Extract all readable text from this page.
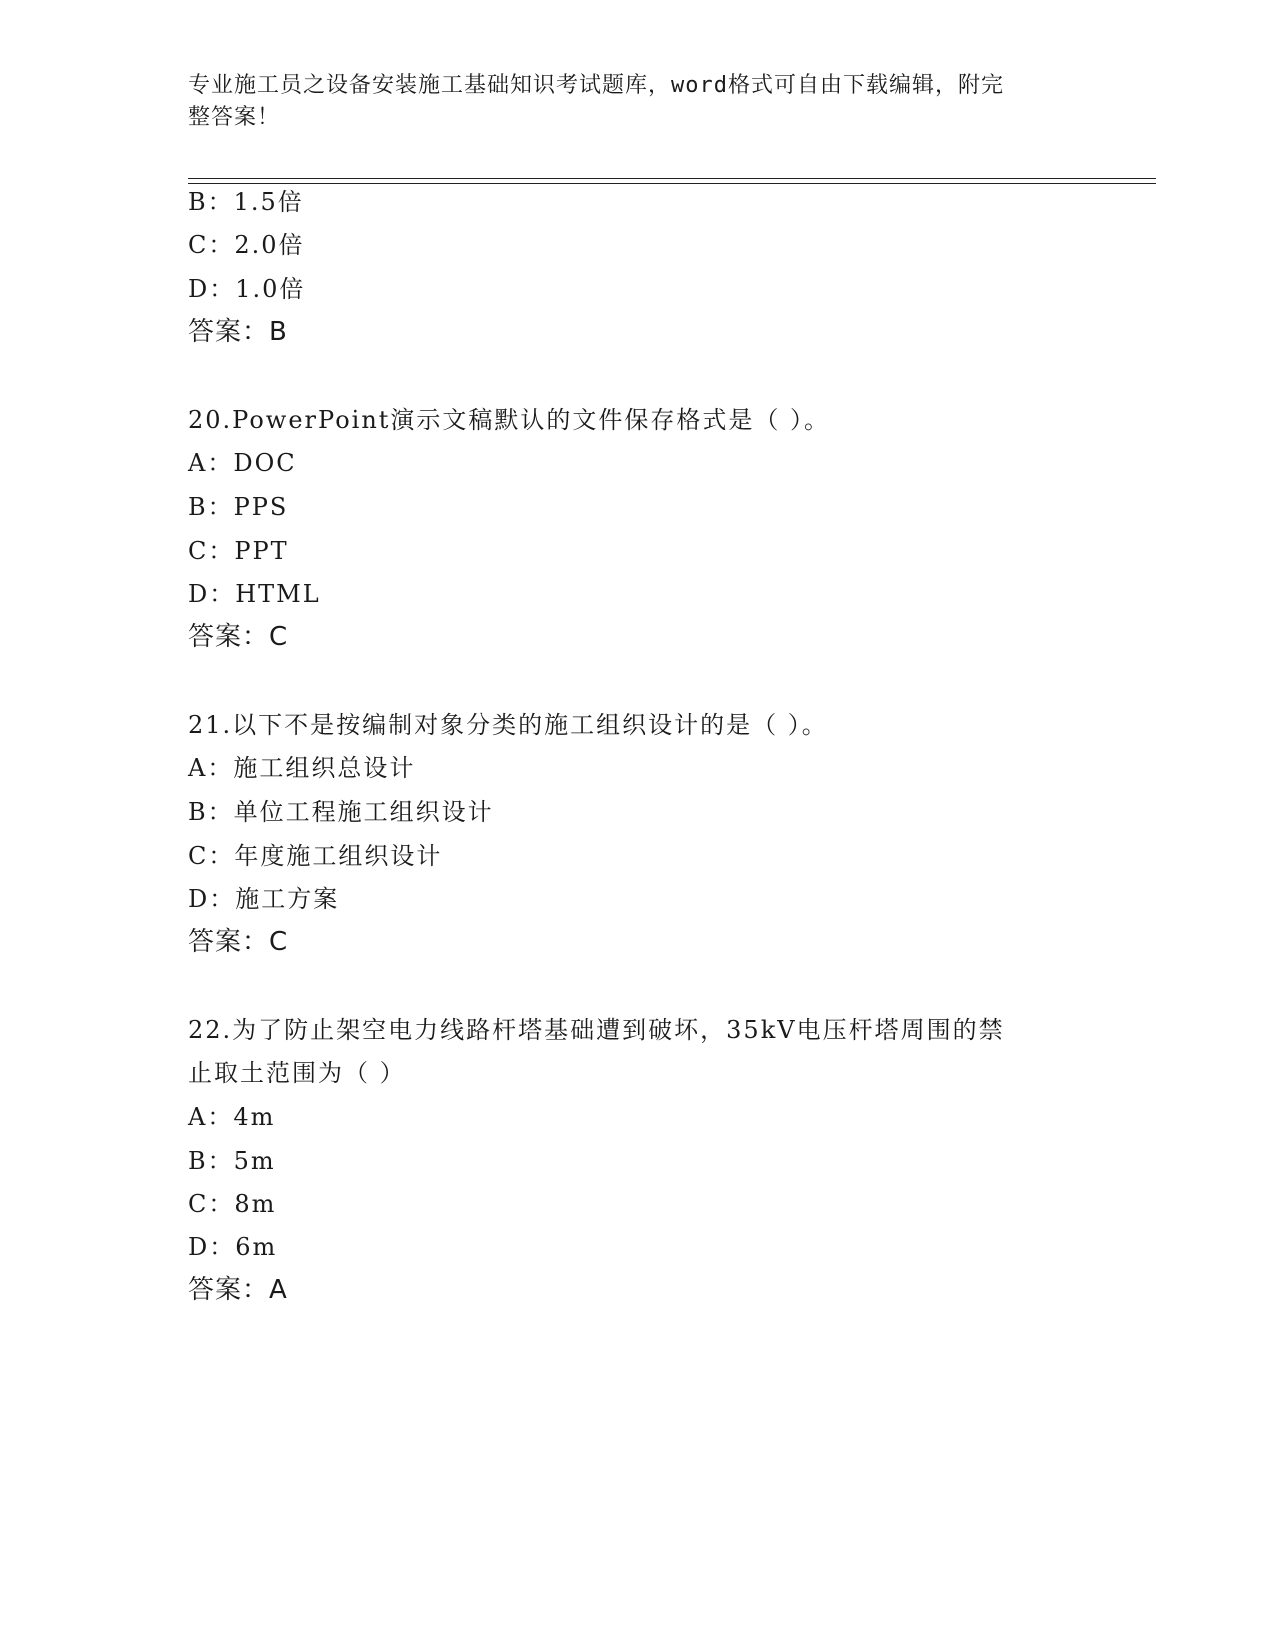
专业施工员之设备安装施工基础知识考试题库，word格式可自由下载编辑，附完
整答案！
B：1.5倍
C：2.0倍
D：1.0倍
答案：B
20.PowerPoint演示文稿默认的文件保存格式是（ ）。
A：DOC
B：PPS
C：PPT
D：HTML
答案：C
21.以下不是按编制对象分类的施工组织设计的是（ ）。
A：施工组织总设计
B：单位工程施工组织设计
C：年度施工组织设计
D：施工方案
答案：C
22.为了防止架空电力线路杆塔基础遭到破坏，35kV电压杆塔周围的禁
止取土范围为（ ）
A：4m
B：5m
C：8m
D：6m
答案：A
